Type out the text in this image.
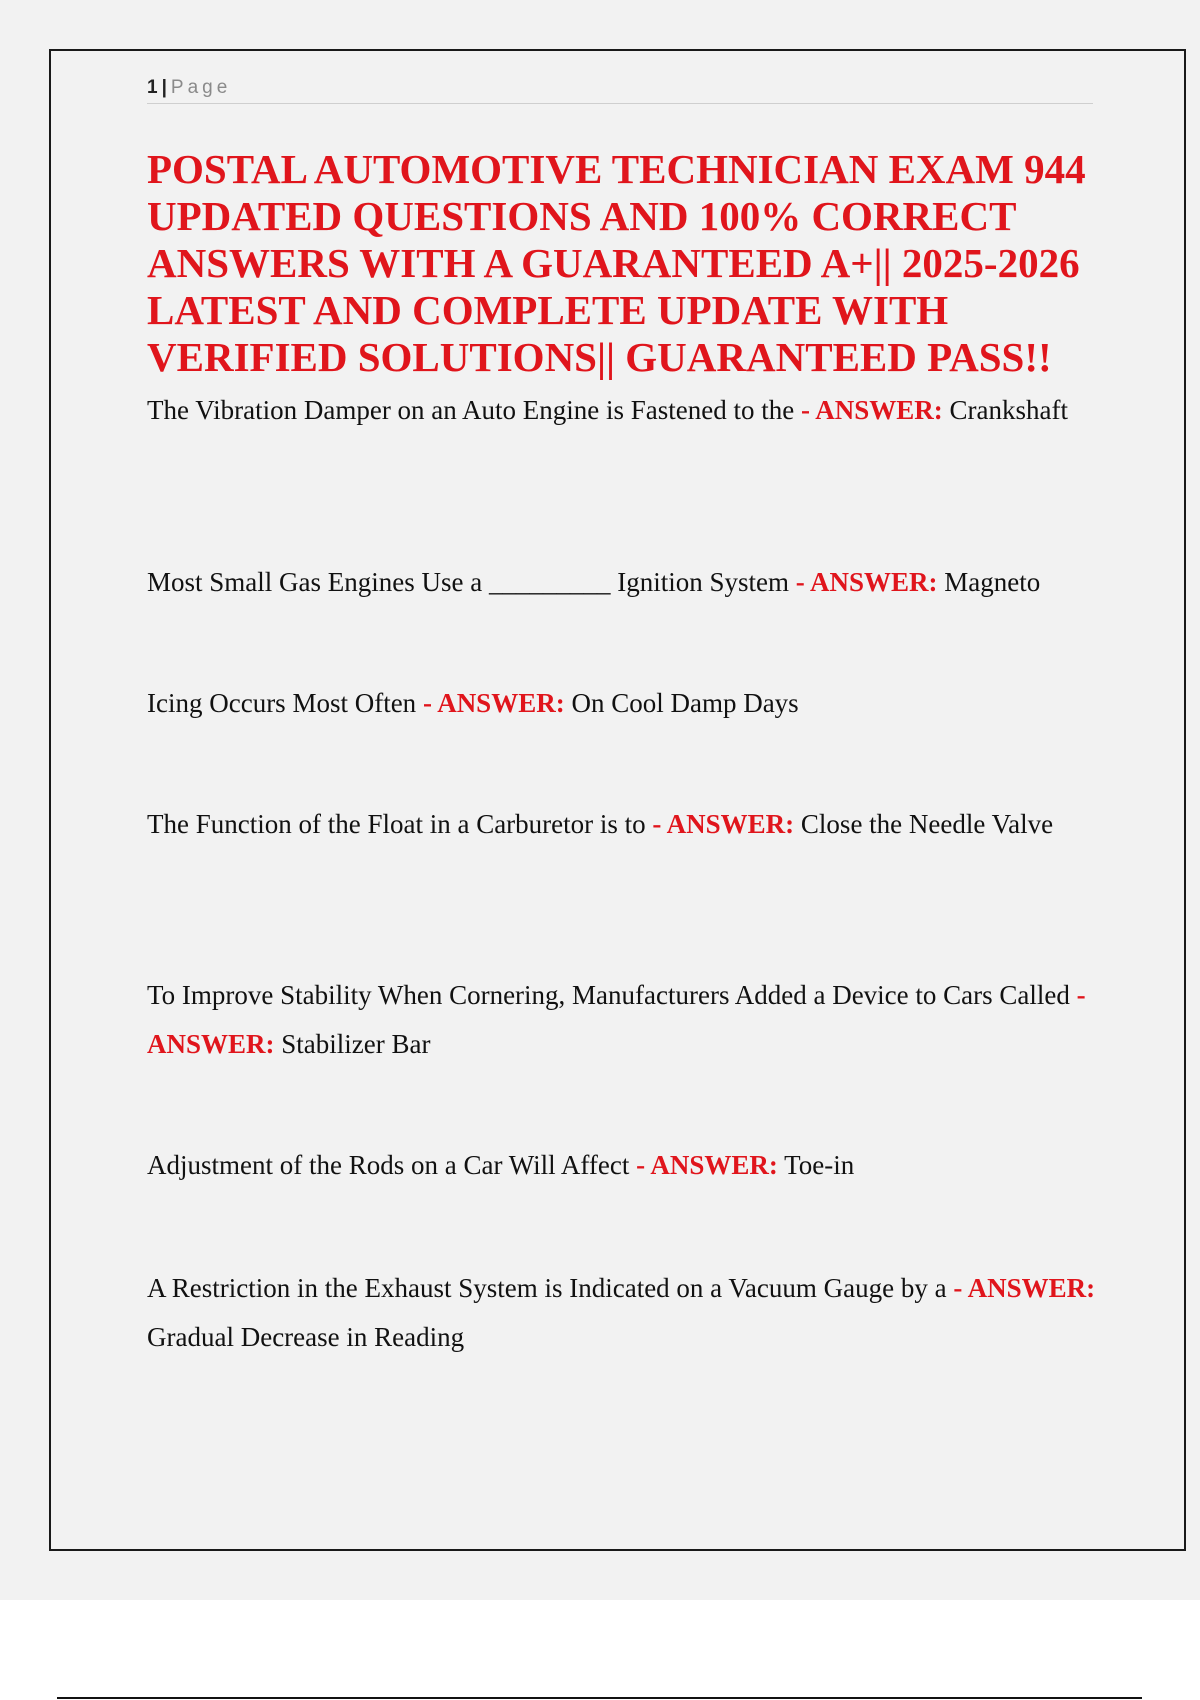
1 | Page
POSTAL AUTOMOTIVE TECHNICIAN EXAM 944 UPDATED QUESTIONS AND 100% CORRECT ANSWERS WITH A GUARANTEED A+|| 2025-2026 LATEST AND COMPLETE UPDATE WITH VERIFIED SOLUTIONS|| GUARANTEED PASS!!

The Vibration Damper on an Auto Engine is Fastened to the - ANSWER: Crankshaft

Most Small Gas Engines Use a _________ Ignition System - ANSWER: Magneto

Icing Occurs Most Often - ANSWER: On Cool Damp Days

The Function of the Float in a Carburetor is to - ANSWER: Close the Needle Valve

To Improve Stability When Cornering, Manufacturers Added a Device to Cars Called - ANSWER: Stabilizer Bar

Adjustment of the Rods on a Car Will Affect - ANSWER: Toe-in

A Restriction in the Exhaust System is Indicated on a Vacuum Gauge by a - ANSWER: Gradual Decrease in Reading
